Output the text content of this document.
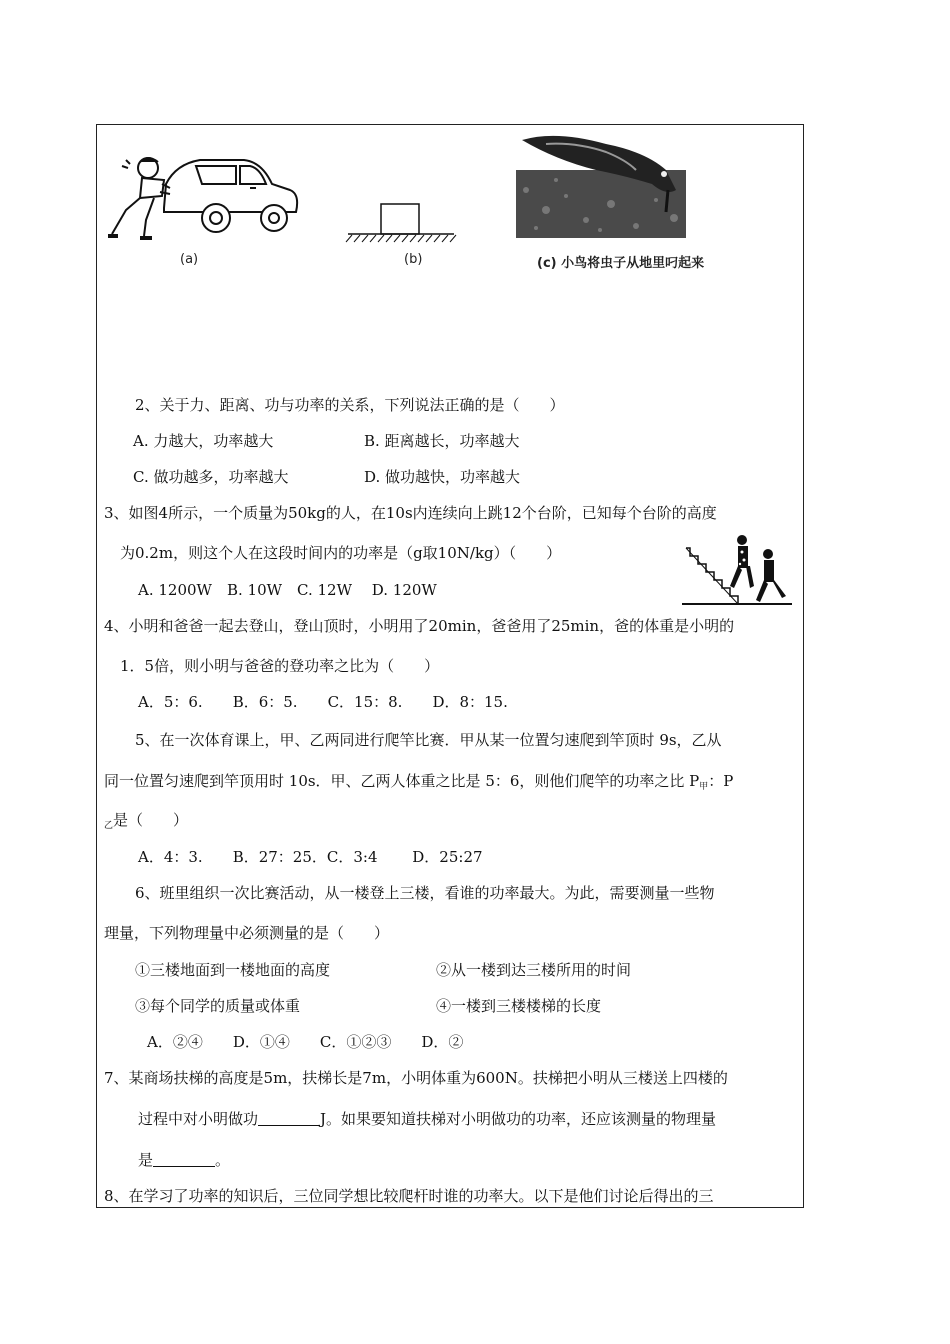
(a)	(b)	(c) 小鸟将虫子从地里叼起来
2、关于力、距离、功与功率的关系，下列说法正确的是（　　）
A. 力越大，功率越大	B. 距离越长，功率越大
C. 做功越多，功率越大	D. 做功越快，功率越大
3、如图4所示，一个质量为50kg的人，在10s内连续向上跳12个台阶，已知每个台阶的高度
为0.2m，则这个人在这段时间内的功率是（g取10N/kg）（　　）
A. 1200W　B. 10W　C. 12W　 D. 120W
4、小明和爸爸一起去登山，登山顶时，小明用了20min，爸爸用了25min，爸的体重是小明的
1．5倍，则小明与爸爸的登功率之比为（　　）
A．5：6.　　B．6：5.　　C．15：8.　　D．8：15.
5、在一次体育课上，甲、乙两同进行爬竿比赛．甲从某一位置匀速爬到竿顶时 9s，乙从
同一位置匀速爬到竿顶用时 10s．甲、乙两人体重之比是 5：6，则他们爬竿的功率之比 $P_甲$：P
$_乙$是（　　）
A．4：3.　　B．27：25．C．3:4　　 D．25:27
6、班里组织一次比赛活动，从一楼登上三楼，看谁的功率最大。为此，需要测量一些物
理量，下列物理量中必须测量的是（　　）
①三楼地面到一楼地面的高度	②从一楼到达三楼所用的时间
③每个同学的质量或体重	④一楼到三楼楼梯的长度
A．②④　　D．①④　　C．①②③　　D．②
7、某商场扶梯的高度是5m，扶梯长是7m，小明体重为600N。扶梯把小明从三楼送上四楼的
过程中对小明做功	J。如果要知道扶梯对小明做功的功率，还应该测量的物理量
是	。
8、在学习了功率的知识后，三位同学想比较爬杆时谁的功率大。以下是他们讨论后得出的三
